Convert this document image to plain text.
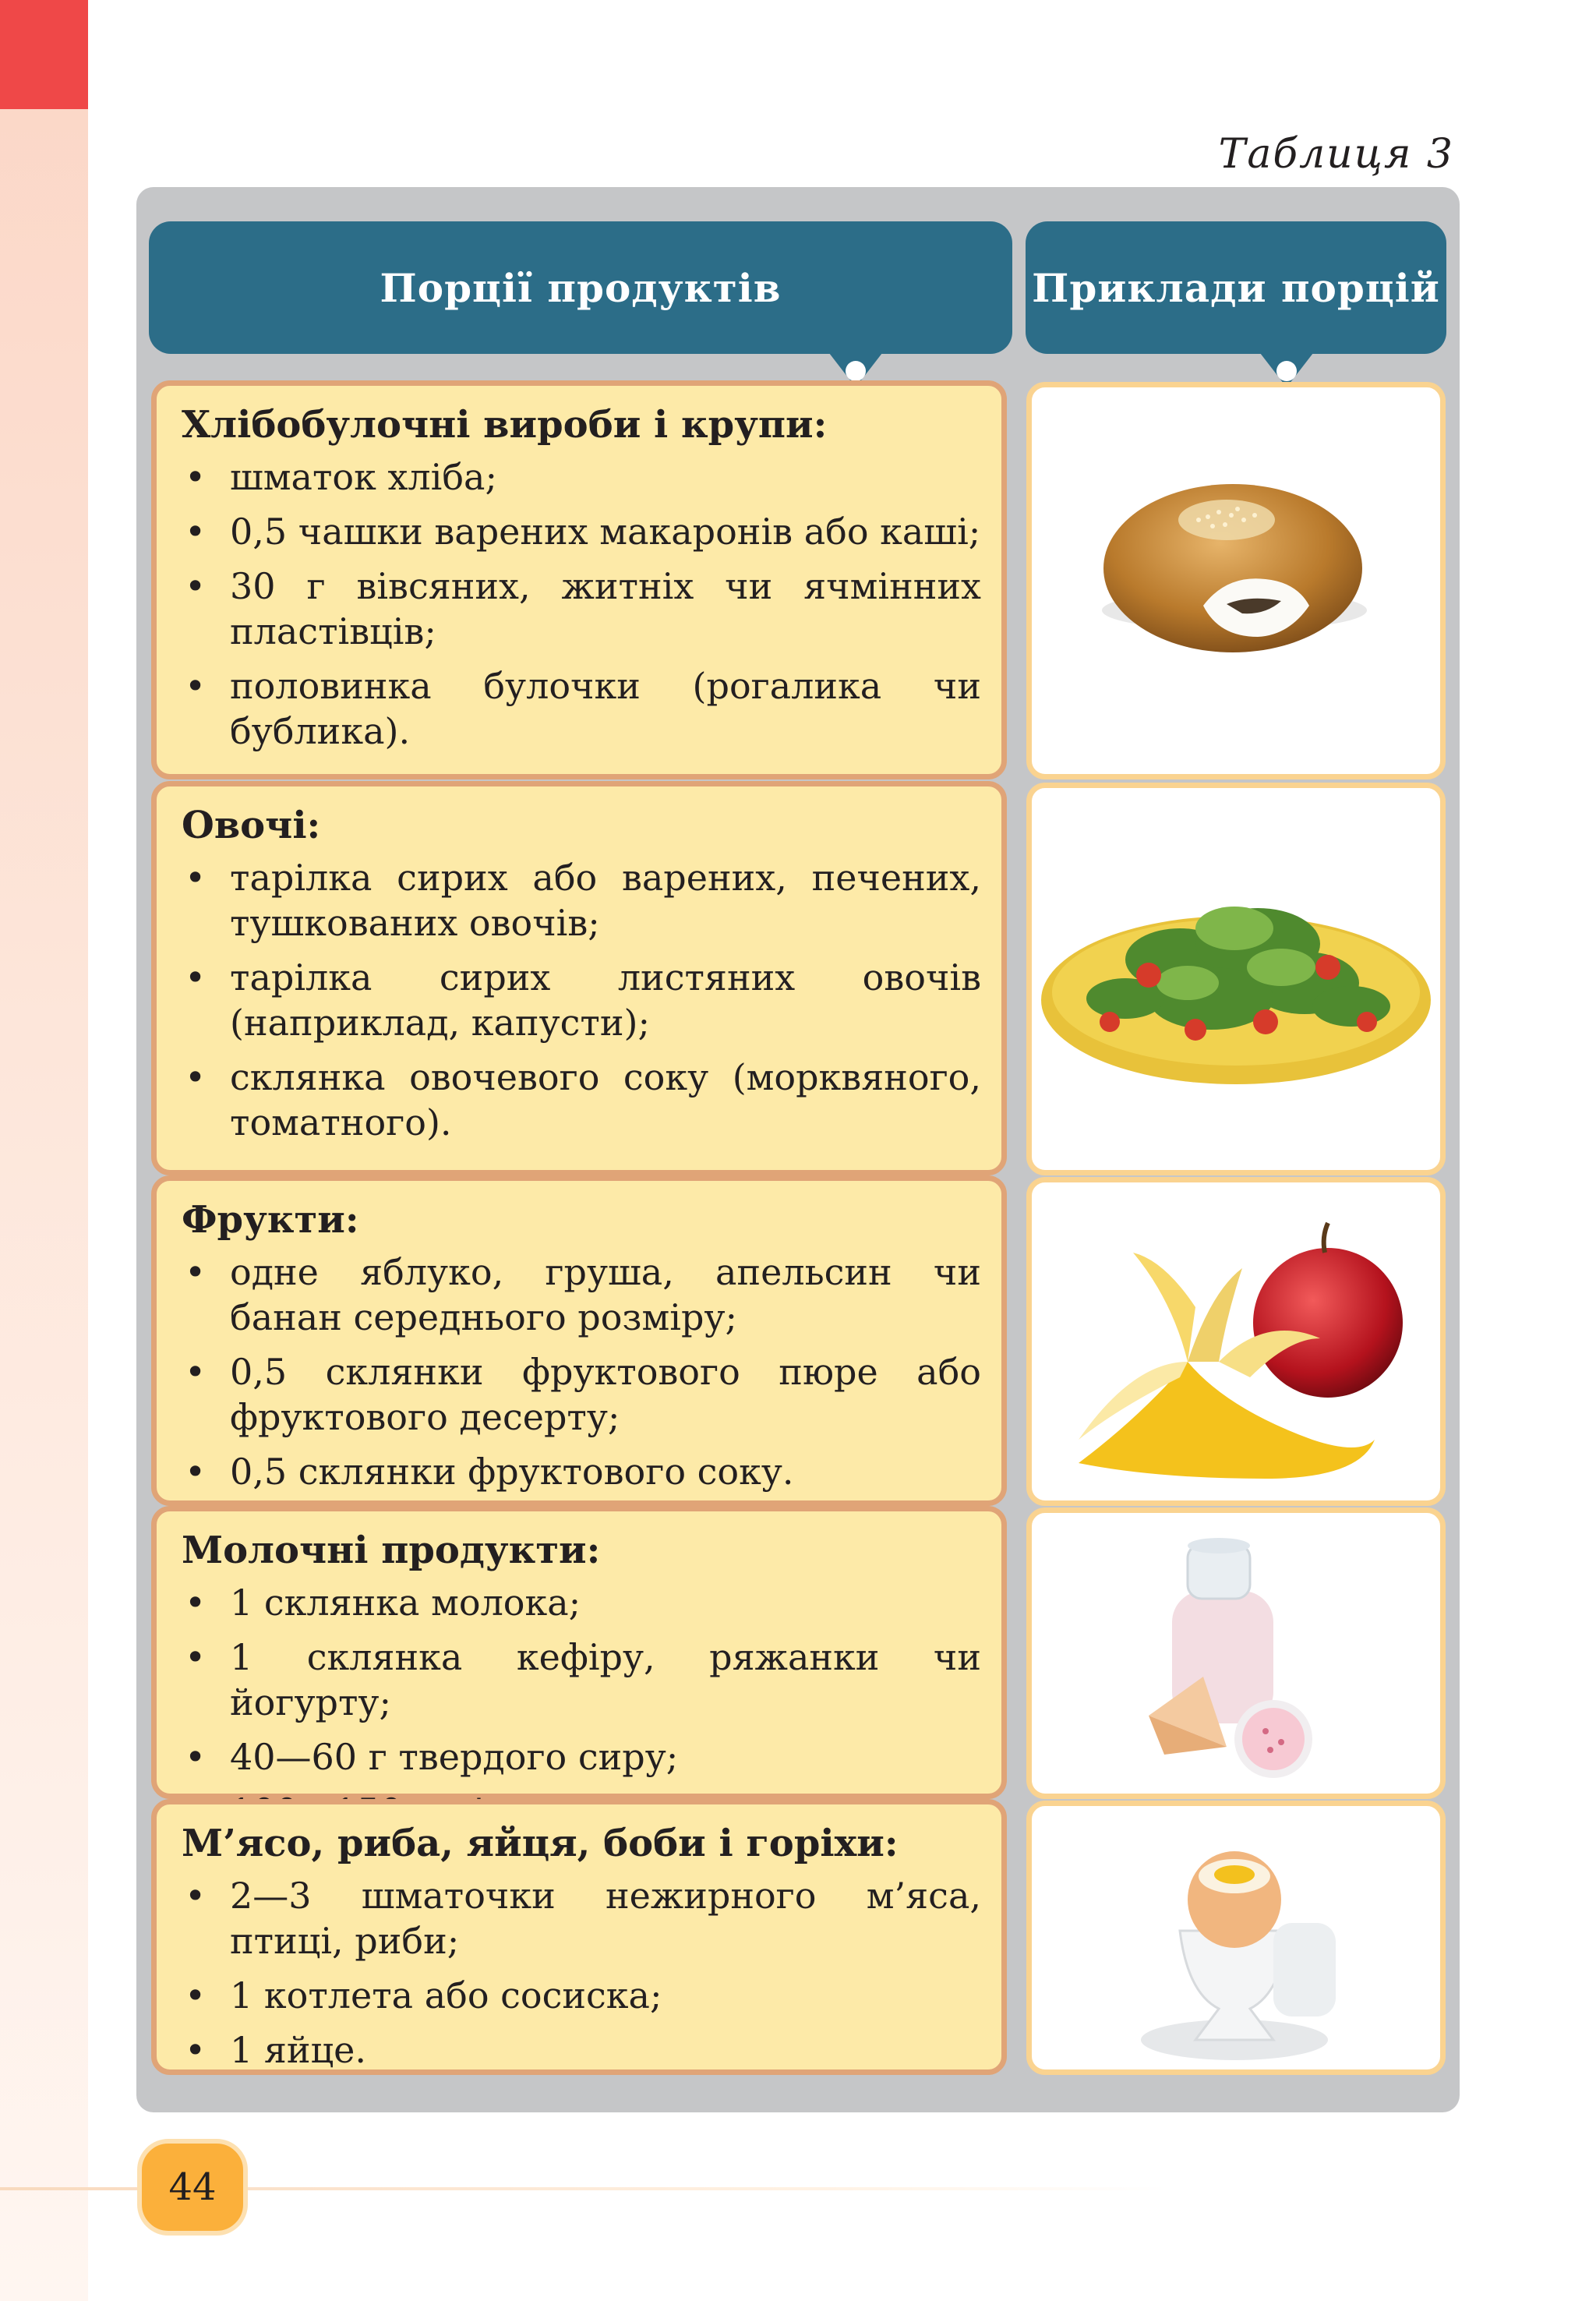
Таблиця 3
Порції продуктів	Приклади порцій
Хлібобулочні вироби і крупи:
• шматок хліба;
• 0,5 чашки варених макаронів або каші;
• 30 г вівсяних, житніх чи ячмінних пластівців;
• половинка булочки (рогалика чи бублика).
Овочі:
• тарілка сирих або варених, печених, тушкованих овочів;
• тарілка сирих листяних овочів (наприклад, капусти);
• склянка овочевого соку (морквяного, томатного).
Фрукти:
• одне яблуко, груша, апельсин чи банан середнього розміру;
• 0,5 склянки фруктового пюре або фруктового десерту;
• 0,5 склянки фруктового соку.
Молочні продукти:
• 1 склянка молока;
• 1 склянка кефіру, ряжанки чи йогурту;
• 40—60 г твердого сиру;
М’ясо, риба, яйця, боби і горіхи:
• 2—3 шматочки нежирного м’яса, птиці, риби;
• 1 котлета або сосиска;
• 1 яйце.
44
